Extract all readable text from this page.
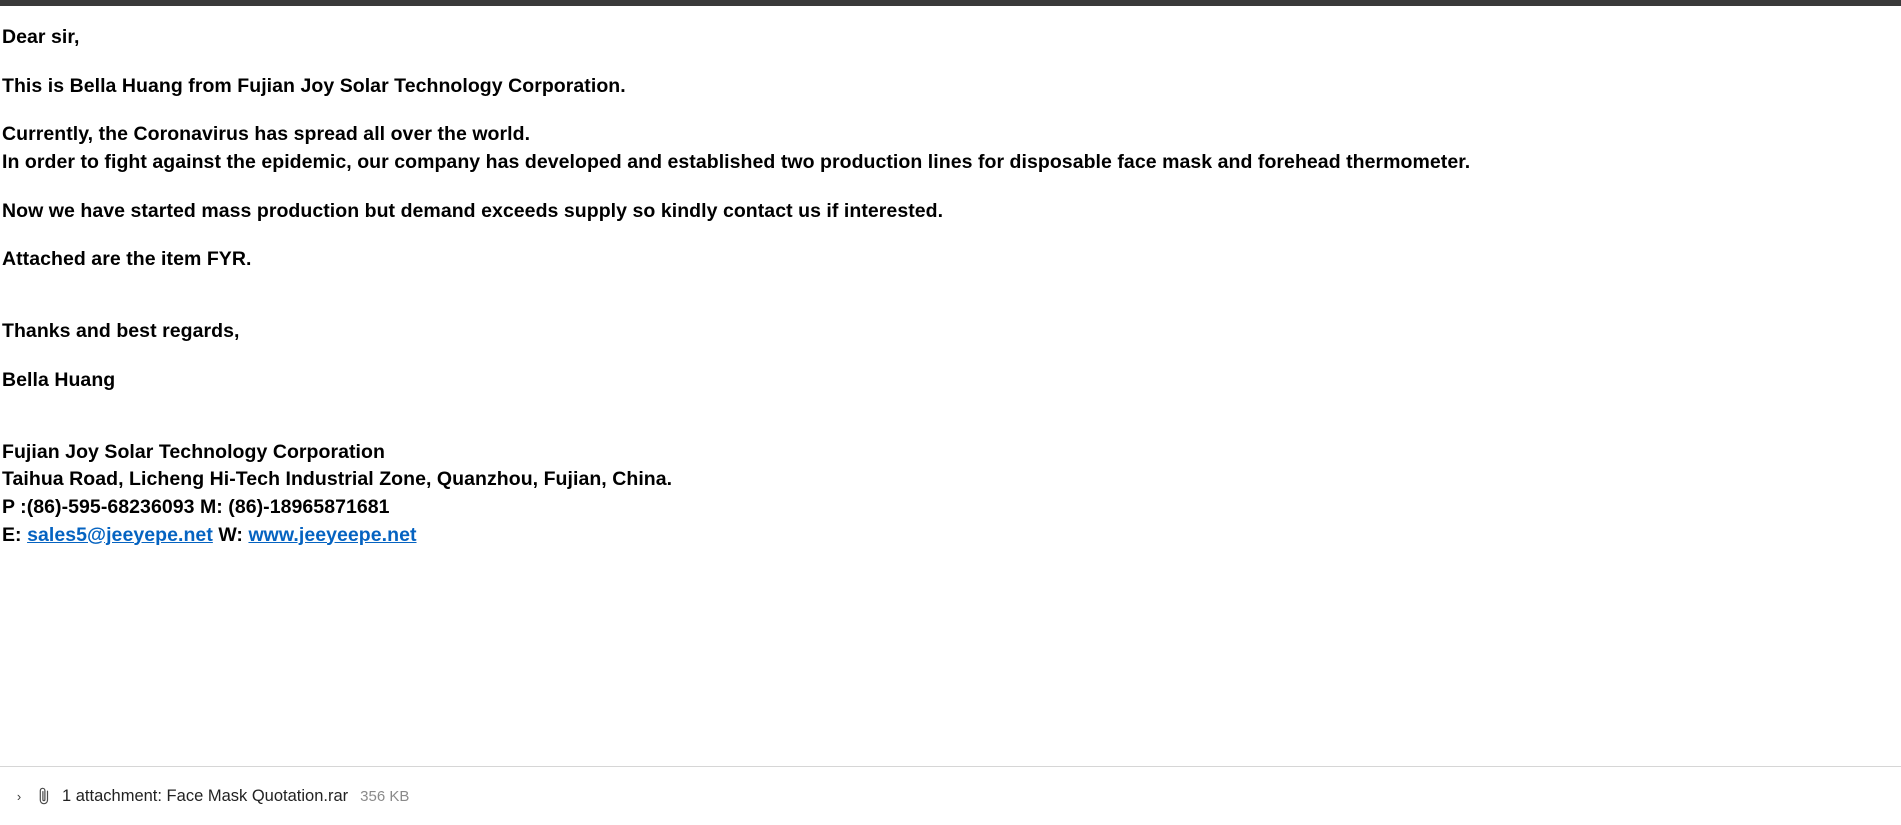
Dear sir,

This is Bella Huang from Fujian Joy Solar Technology Corporation.

Currently, the Coronavirus has spread all over the world.

In order to fight against the epidemic, our company has developed and established two production lines for disposable face mask and forehead thermometer.

Now we have started mass production but demand exceeds supply so kindly contact us if interested.

Attached are the item FYR.

Thanks and best regards,

Bella Huang

Fujian Joy Solar Technology Corporation

Taihua Road, Licheng Hi-Tech Industrial Zone, Quanzhou, Fujian, China.

P :(86)-595-68236093 M: (86)-18965871681

E: sales5@jeeyepe.net W: www.jeeyeepe.net

›	1 attachment: Face Mask Quotation.rar 356 KB
